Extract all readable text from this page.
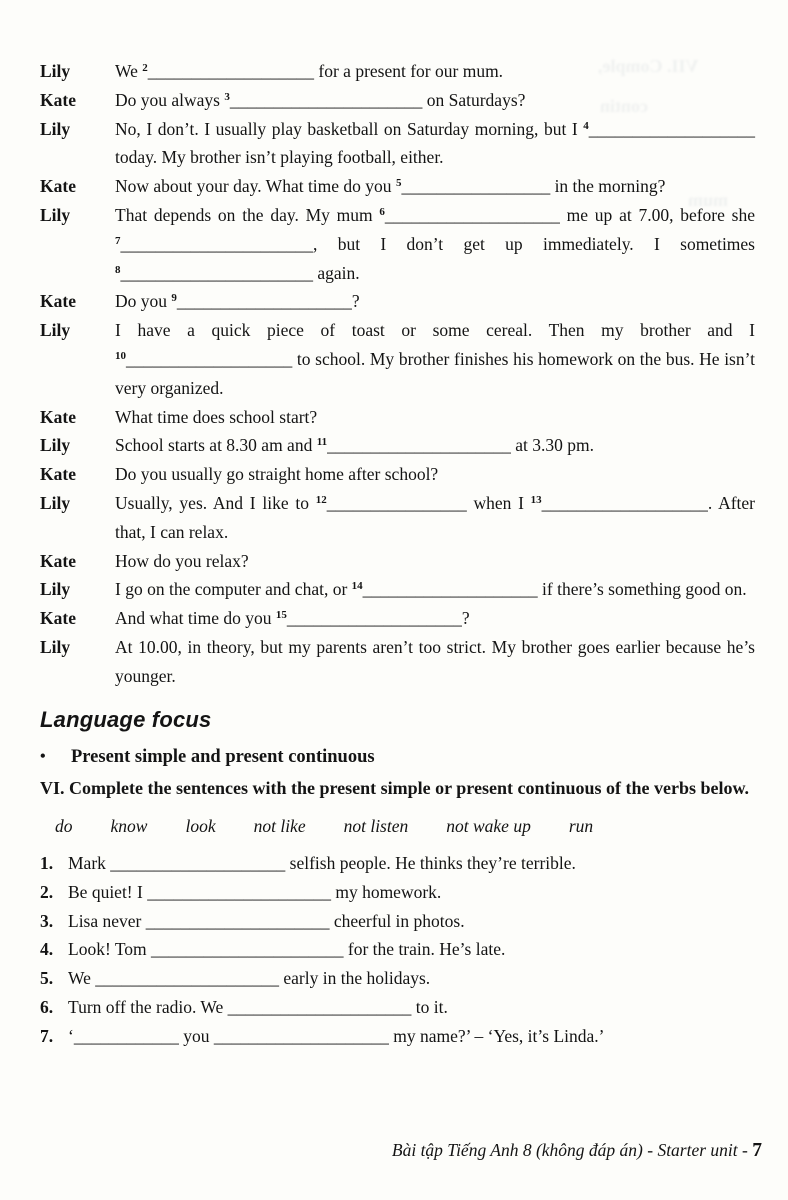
VII. Comple,
contin
mum
Lily	We $^2$___________________ for a present for our mum.

Kate	Do you always $^3$______________________ on Saturdays?

Lily	No, I don’t. I usually play basketball on Saturday morning, but I $^4$___________________ today. My brother isn’t playing football, either.

Kate	Now about your day. What time do you $^5$_________________ in the morning?

Lily	That depends on the day. My mum $^6$____________________ me up at 7.00, before she $^7$______________________, but I don’t get up immediately. I sometimes $^8$______________________ again.

Kate	Do you $^9$____________________?

Lily	I have a quick piece of toast or some cereal. Then my brother and I $^{10}$___________________ to school. My brother finishes his homework on the bus. He isn’t very organized.

Kate	What time does school start?

Lily	School starts at 8.30 am and $^{11}$_____________________ at 3.30 pm.

Kate	Do you usually go straight home after school?

Lily	Usually, yes. And I like to $^{12}$________________ when I $^{13}$___________________. After that, I can relax.

Kate	How do you relax?

Lily	I go on the computer and chat, or $^{14}$____________________ if there’s something good on.

Kate	And what time do you $^{15}$____________________?

Lily	At 10.00, in theory, but my parents aren’t too strict. My brother goes earlier because he’s younger.

Language focus
•	Present simple and present continuous
VI. Complete the sentences with the present simple or present continuous of the verbs below.
do know look not like not listen not wake up run
1. Mark ____________________ selfish people. He thinks they’re terrible.

2. Be quiet! I _____________________ my homework.

3. Lisa never _____________________ cheerful in photos.

4. Look! Tom ______________________ for the train. He’s late.

5. We _____________________ early in the holidays.

6. Turn off the radio. We _____________________ to it.

7. ‘____________ you ____________________ my name?’ – ‘Yes, it’s Linda.’

Bài tập Tiếng Anh 8 (không đáp án) - Starter unit - 7
